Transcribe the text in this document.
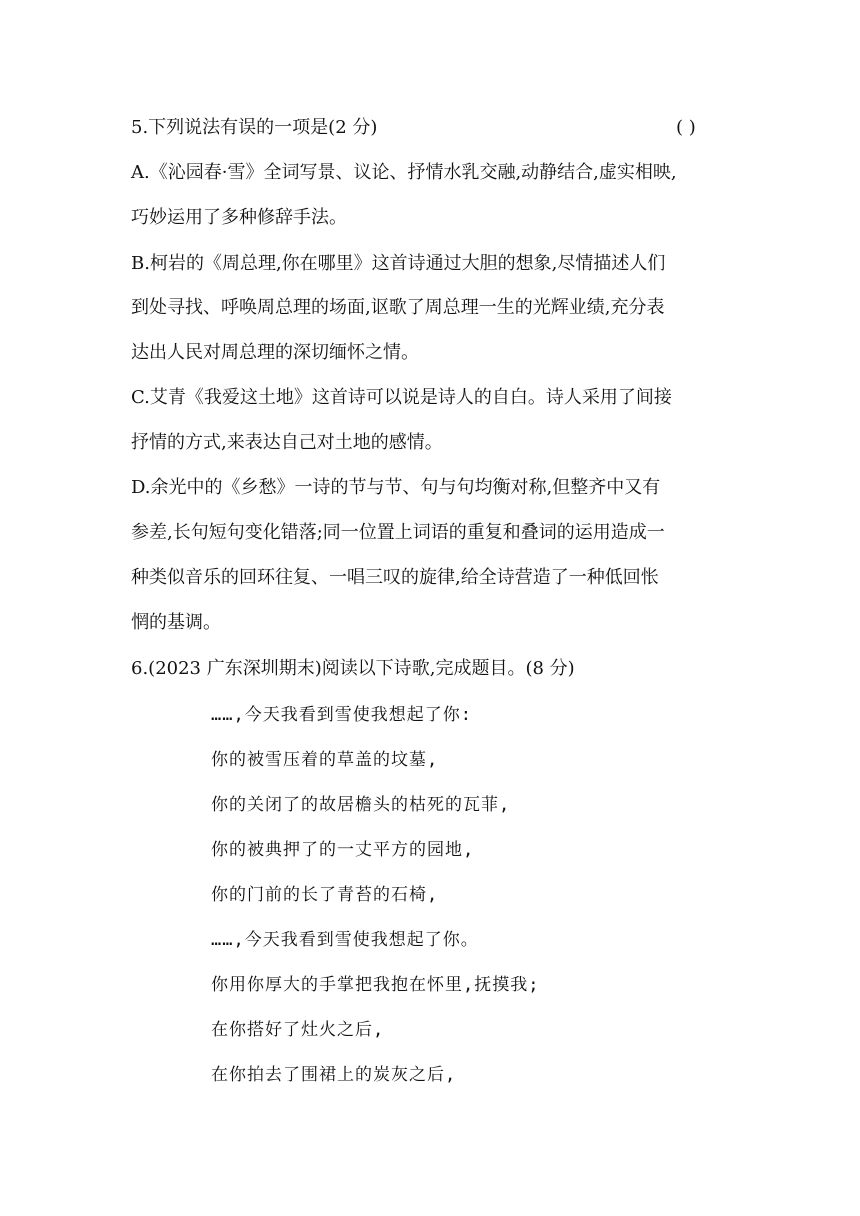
5.下列说法有误的一项是(2 分)	( )
A.《沁园春·雪》全词写景、议论、抒情水乳交融,动静结合,虚实相映,
巧妙运用了多种修辞手法。
B.柯岩的《周总理,你在哪里》这首诗通过大胆的想象,尽情描述人们
到处寻找、呼唤周总理的场面,讴歌了周总理一生的光辉业绩,充分表
达出人民对周总理的深切缅怀之情。
C.艾青《我爱这土地》这首诗可以说是诗人的自白。诗人采用了间接
抒情的方式,来表达自己对土地的感情。
D.余光中的《乡愁》一诗的节与节、句与句均衡对称,但整齐中又有
参差,长句短句变化错落;同一位置上词语的重复和叠词的运用造成一
种类似音乐的回环往复、一唱三叹的旋律,给全诗营造了一种低回怅
惘的基调。
6.(2023 广东深圳期末)阅读以下诗歌,完成题目。(8 分)
……,今天我看到雪使我想起了你:
你的被雪压着的草盖的坟墓,
你的关闭了的故居檐头的枯死的瓦菲,
你的被典押了的一丈平方的园地,
你的门前的长了青苔的石椅,
……,今天我看到雪使我想起了你。
你用你厚大的手掌把我抱在怀里,抚摸我;
在你搭好了灶火之后,
在你拍去了围裙上的炭灰之后,
